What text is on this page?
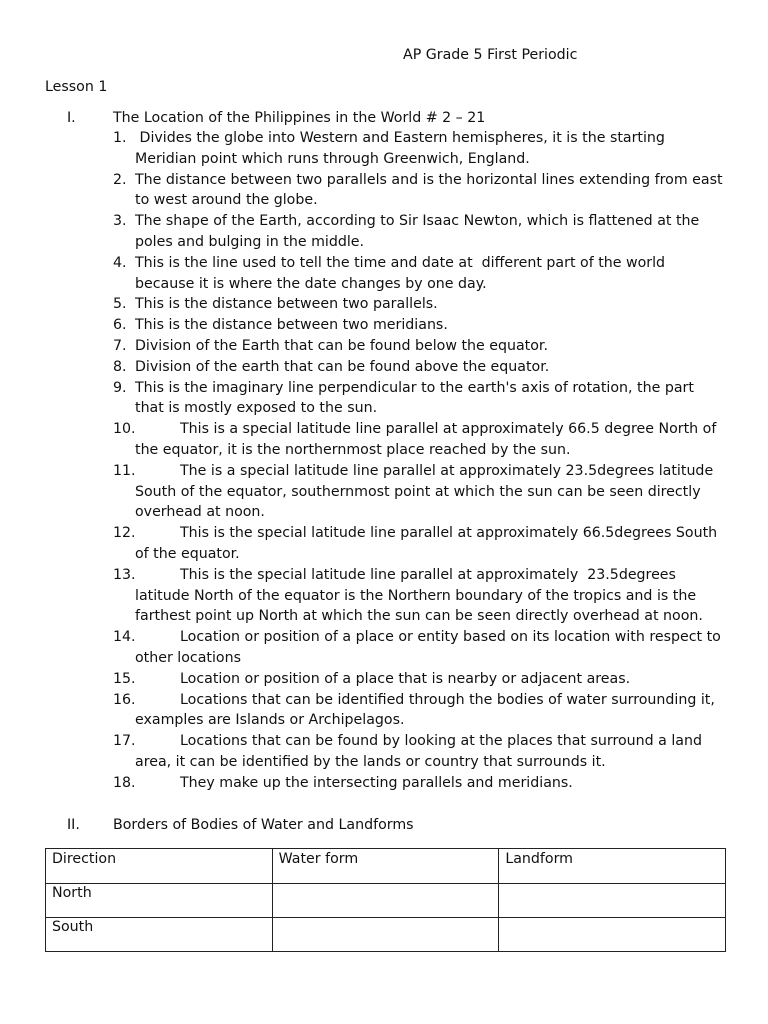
AP Grade 5 First Periodic
Lesson 1
I.	The Location of the Philippines in the World # 2 – 21
1. Divides the globe into Western and Eastern hemispheres, it is the starting Meridian point which runs through Greenwich, England.
2. The distance between two parallels and is the horizontal lines extending from east to west around the globe.
3. The shape of the Earth, according to Sir Isaac Newton, which is flattened at the poles and bulging in the middle.
4. This is the line used to tell the time and date at  different part of the world because it is where the date changes by one day.
5. This is the distance between two parallels.
6. This is the distance between two meridians.
7. Division of the Earth that can be found below the equator.
8. Division of the earth that can be found above the equator.
9. This is the imaginary line perpendicular to the earth's axis of rotation, the part that is mostly exposed to the sun.
10.	This is a special latitude line parallel at approximately 66.5 degree North of the equator, it is the northernmost place reached by the sun.
11.	The is a special latitude line parallel at approximately 23.5degrees latitude South of the equator, southernmost point at which the sun can be seen directly overhead at noon.
12.	This is the special latitude line parallel at approximately 66.5degrees South of the equator.
13.	This is the special latitude line parallel at approximately  23.5degrees latitude North of the equator is the Northern boundary of the tropics and is the farthest point up North at which the sun can be seen directly overhead at noon.
14.	Location or position of a place or entity based on its location with respect to other locations
15.	Location or position of a place that is nearby or adjacent areas.
16.	Locations that can be identified through the bodies of water surrounding it, examples are Islands or Archipelagos.
17.	Locations that can be found by looking at the places that surround a land area, it can be identified by the lands or country that surrounds it.
18.	They make up the intersecting parallels and meridians.
II. Borders of Bodies of Water and Landforms
Direction	Water form	Landform
North		
South		
